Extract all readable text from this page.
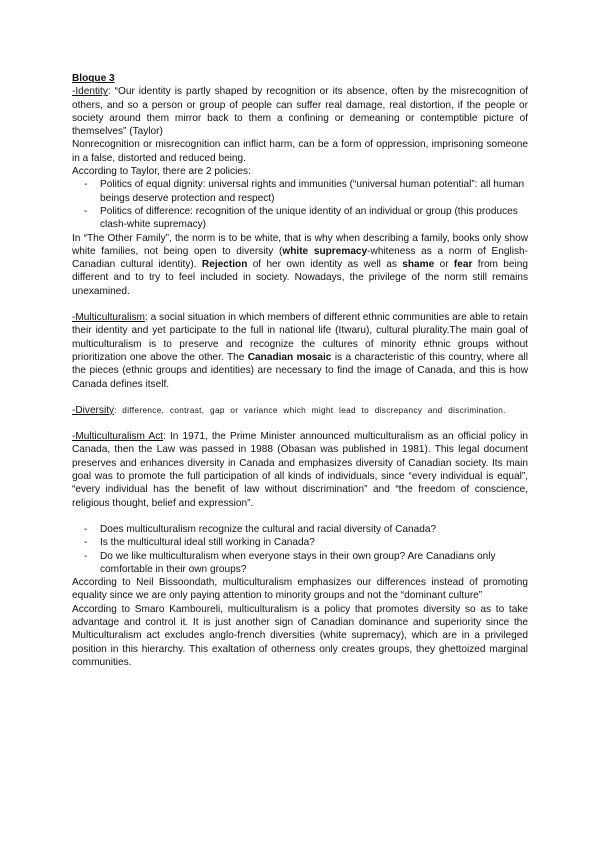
Bloque 3

-Identity: “Our identity is partly shaped by recognition or its absence, often by the misrecognition of others, and so a person or group of people can suffer real damage, real distortion, if the people or society around them mirror back to them a confining or demeaning or contemptible picture of themselves” (Taylor)

Nonrecognition or misrecognition can inflict harm, can be a form of oppression, imprisoning someone in a false, distorted and reduced being.

According to Taylor, there are 2 policies:

- Politics of equal dignity: universal rights and immunities (“universal human potential”: all human beings deserve protection and respect)
- Politics of difference: recognition of the unique identity of an individual or group (this produces clash-white supremacy)

In “The Other Family”, the norm is to be white, that is why when describing a family, books only show white families, not being open to diversity (white supremacy-whiteness as a norm of English-Canadian cultural identity). Rejection of her own identity as well as shame or fear from being different and to try to feel included in society. Nowadays, the privilege of the norm still remains unexamined.

-Multiculturalism: a social situation in which members of different ethnic communities are able to retain their identity and yet participate to the full in national life (Itwaru), cultural plurality.The main goal of multiculturalism is to preserve and recognize the cultures of minority ethnic groups without prioritization one above the other. The Canadian mosaic is a characteristic of this country, where all the pieces (ethnic groups and identities) are necessary to find the image of Canada, and this is how Canada defines itself.

-Diversity: difference, contrast, gap or variance which might lead to discrepancy and discrimination.

-Multiculturalism Act: In 1971, the Prime Minister announced multiculturalism as an official policy in Canada, then the Law was passed in 1988 (Obasan was published in 1981). This legal document preserves and enhances diversity in Canada and emphasizes diversity of Canadian society. Its main goal was to promote the full participation of all kinds of individuals, since “every individual is equal”, “every individual has the benefit of law without discrimination” and “the freedom of conscience, religious thought, belief and expression”.

- Does multiculturalism recognize the cultural and racial diversity of Canada?
- Is the multicultural ideal still working in Canada?
- Do we like multiculturalism when everyone stays in their own group? Are Canadians only comfortable in their own groups?

According to Neil Bissoondath, multiculturalism emphasizes our differences instead of promoting equality since we are only paying attention to minority groups and not the “dominant culture”

According to Smaro Kamboureli, multiculturalism is a policy that promotes diversity so as to take advantage and control it. It is just another sign of Canadian dominance and superiority since the Multiculturalism act excludes anglo-french diversities (white supremacy), which are in a privileged position in this hierarchy. This exaltation of otherness only creates groups, they ghettoized marginal communities.
